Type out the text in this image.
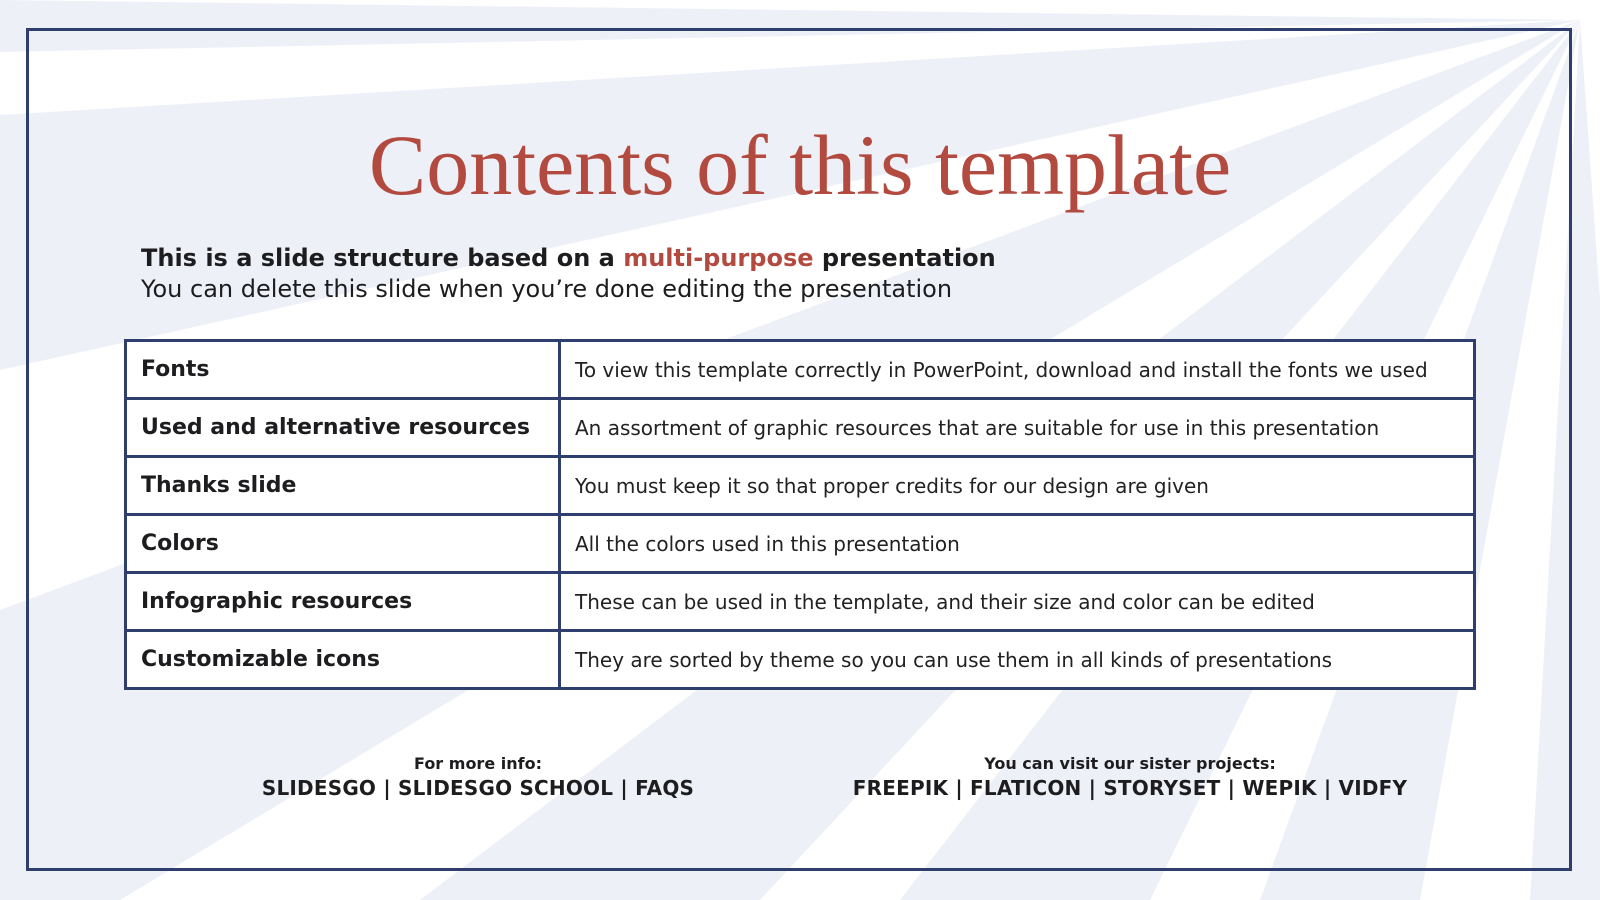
Contents of this template
This is a slide structure based on a multi-purpose presentation
You can delete this slide when you’re done editing the presentation
Fonts	To view this template correctly in PowerPoint, download and install the fonts we used
Used and alternative resources	An assortment of graphic resources that are suitable for use in this presentation
Thanks slide	You must keep it so that proper credits for our design are given
Colors	All the colors used in this presentation
Infographic resources	These can be used in the template, and their size and color can be edited
Customizable icons	They are sorted by theme so you can use them in all kinds of presentations
For more info:
SLIDESGO | SLIDESGO SCHOOL | FAQS
You can visit our sister projects:
FREEPIK | FLATICON | STORYSET | WEPIK | VIDFY
